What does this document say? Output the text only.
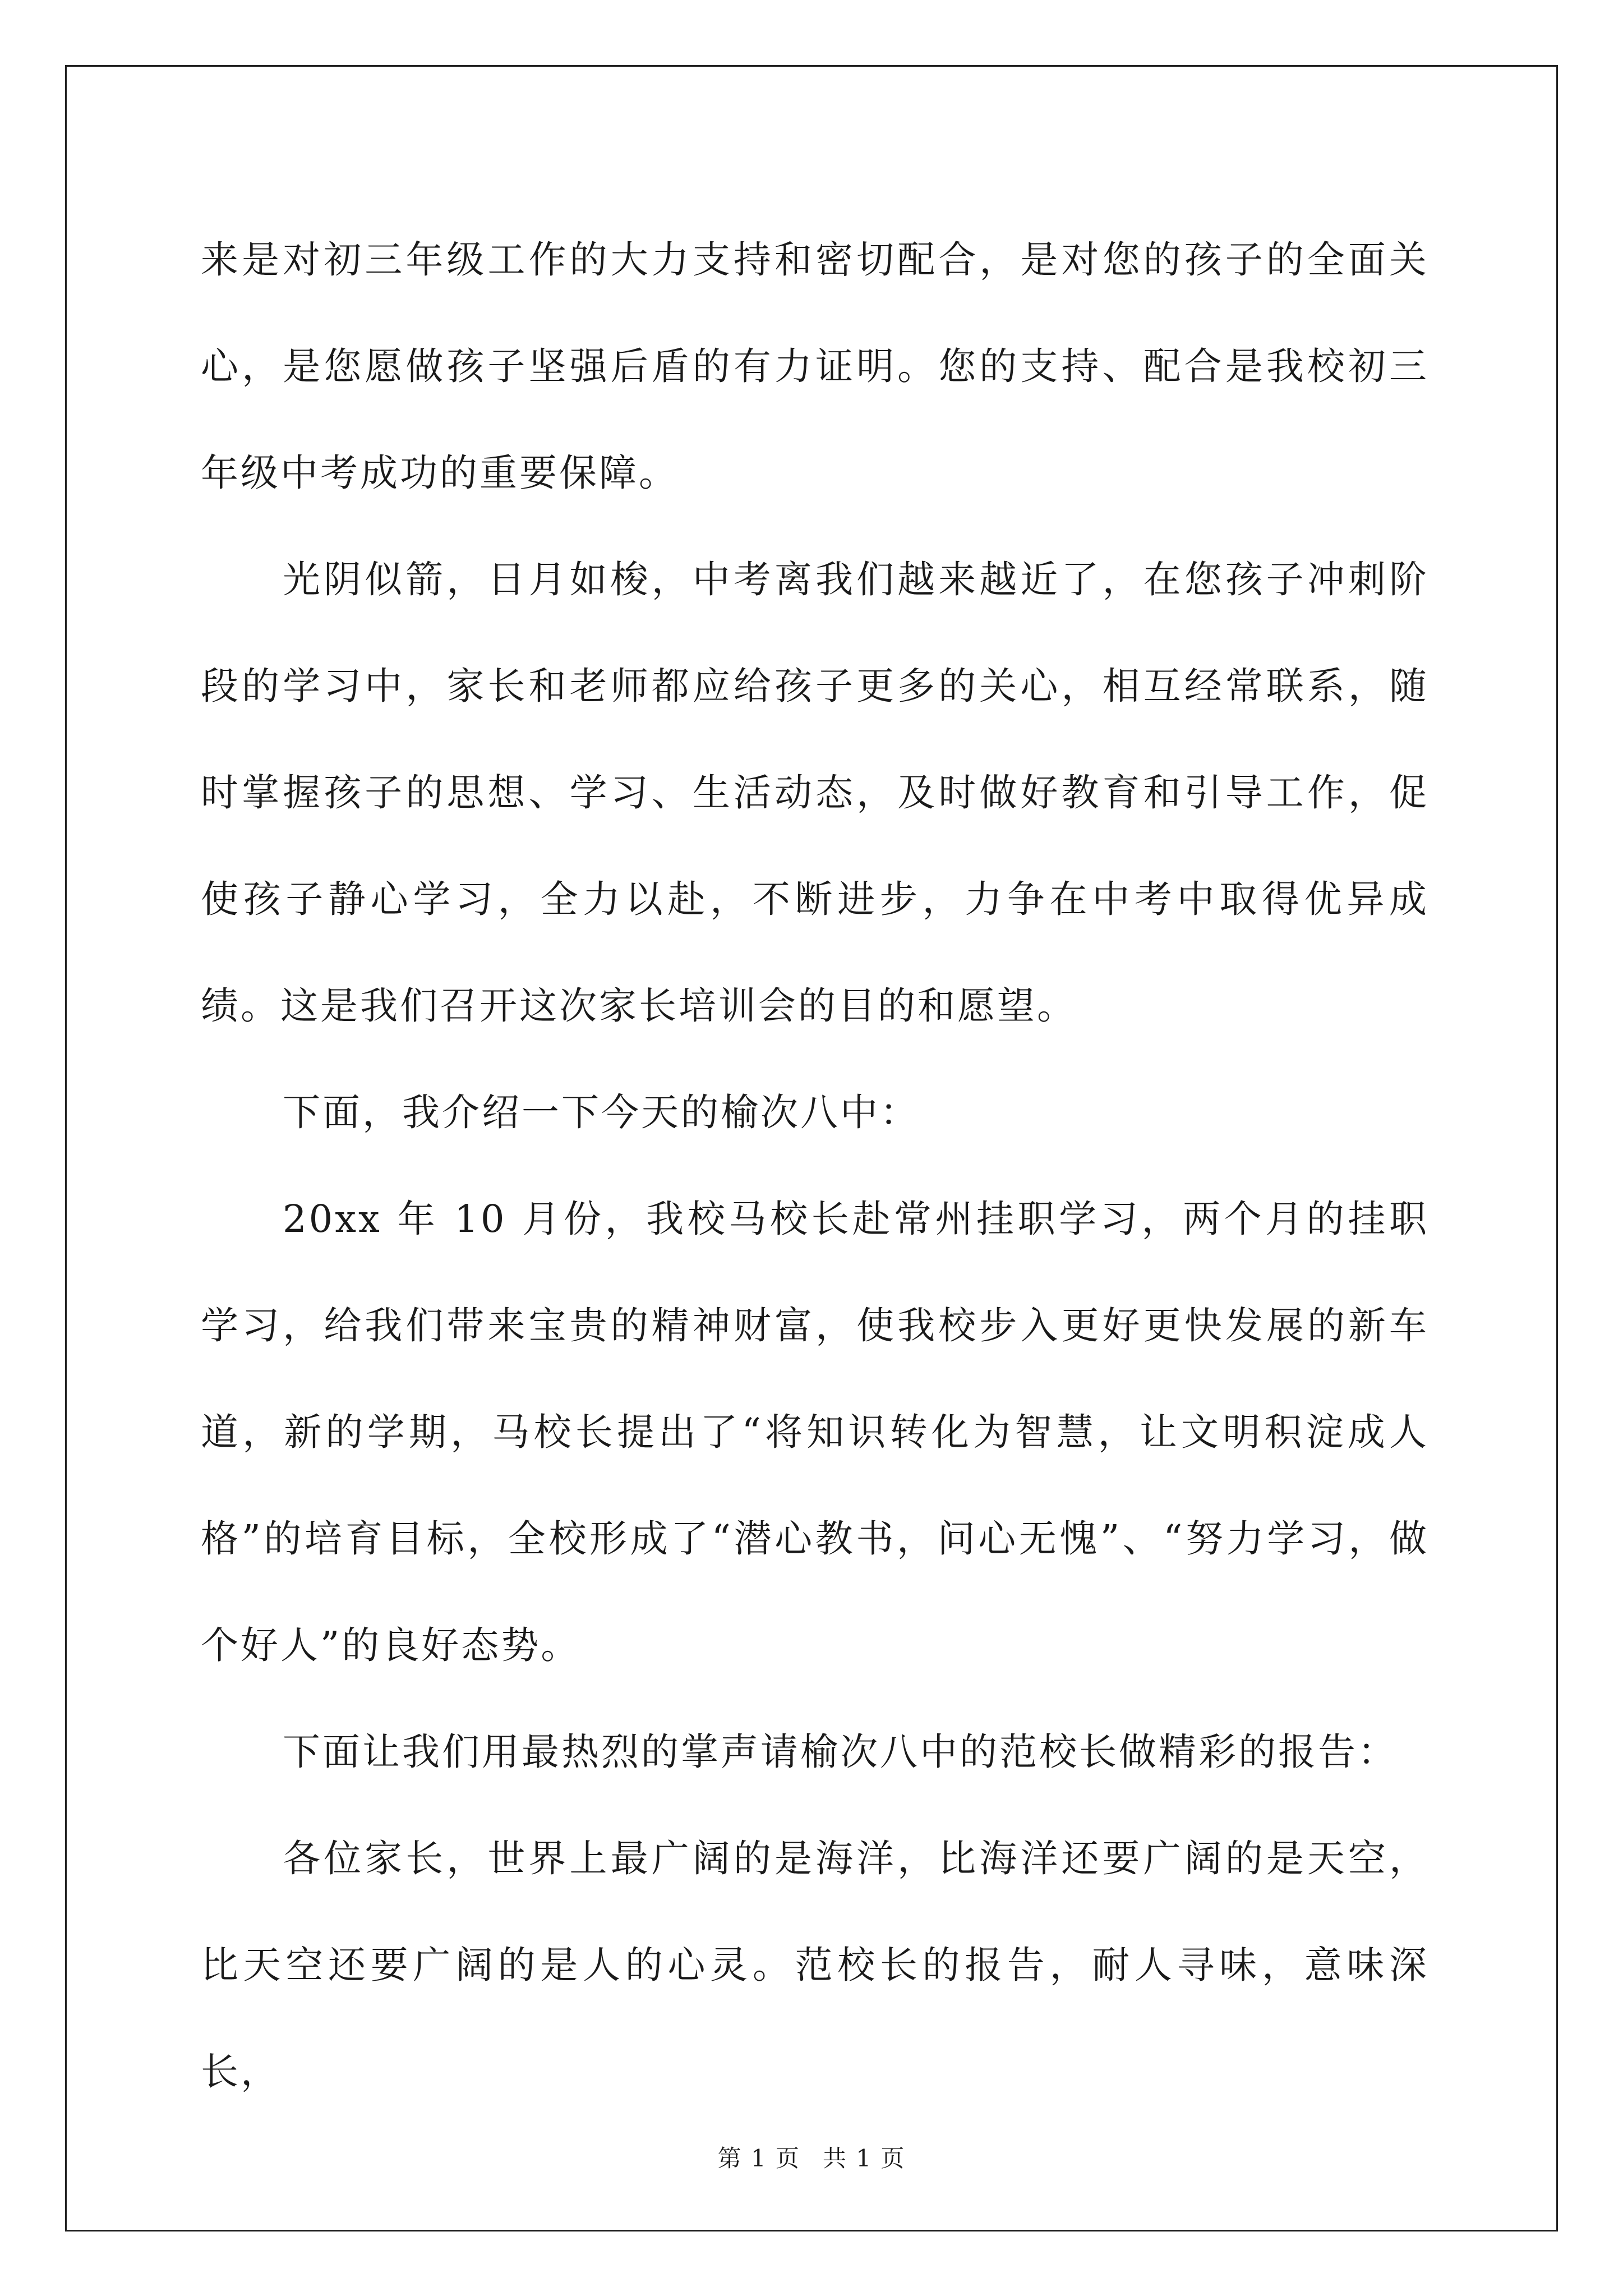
来是对初三年级工作的大力支持和密切配合，是对您的孩子的全面关心，是您愿做孩子坚强后盾的有力证明。您的支持、配合是我校初三年级中考成功的重要保障。

光阴似箭，日月如梭，中考离我们越来越近了，在您孩子冲刺阶段的学习中，家长和老师都应给孩子更多的关心，相互经常联系，随时掌握孩子的思想、学习、生活动态，及时做好教育和引导工作，促使孩子静心学习，全力以赴，不断进步，力争在中考中取得优异成绩。这是我们召开这次家长培训会的目的和愿望。

下面，我介绍一下今天的榆次八中：

20xx 年 10 月份，我校马校长赴常州挂职学习，两个月的挂职学习，给我们带来宝贵的精神财富，使我校步入更好更快发展的新车道，新的学期，马校长提出了“将知识转化为智慧，让文明积淀成人格”的培育目标，全校形成了“潜心教书，问心无愧”、“努力学习，做个好人”的良好态势。

下面让我们用最热烈的掌声请榆次八中的范校长做精彩的报告：

各位家长，世界上最广阔的是海洋，比海洋还要广阔的是天空，比天空还要广阔的是人的心灵。范校长的报告，耐人寻味，意味深长，

第 1 页 共 1 页
